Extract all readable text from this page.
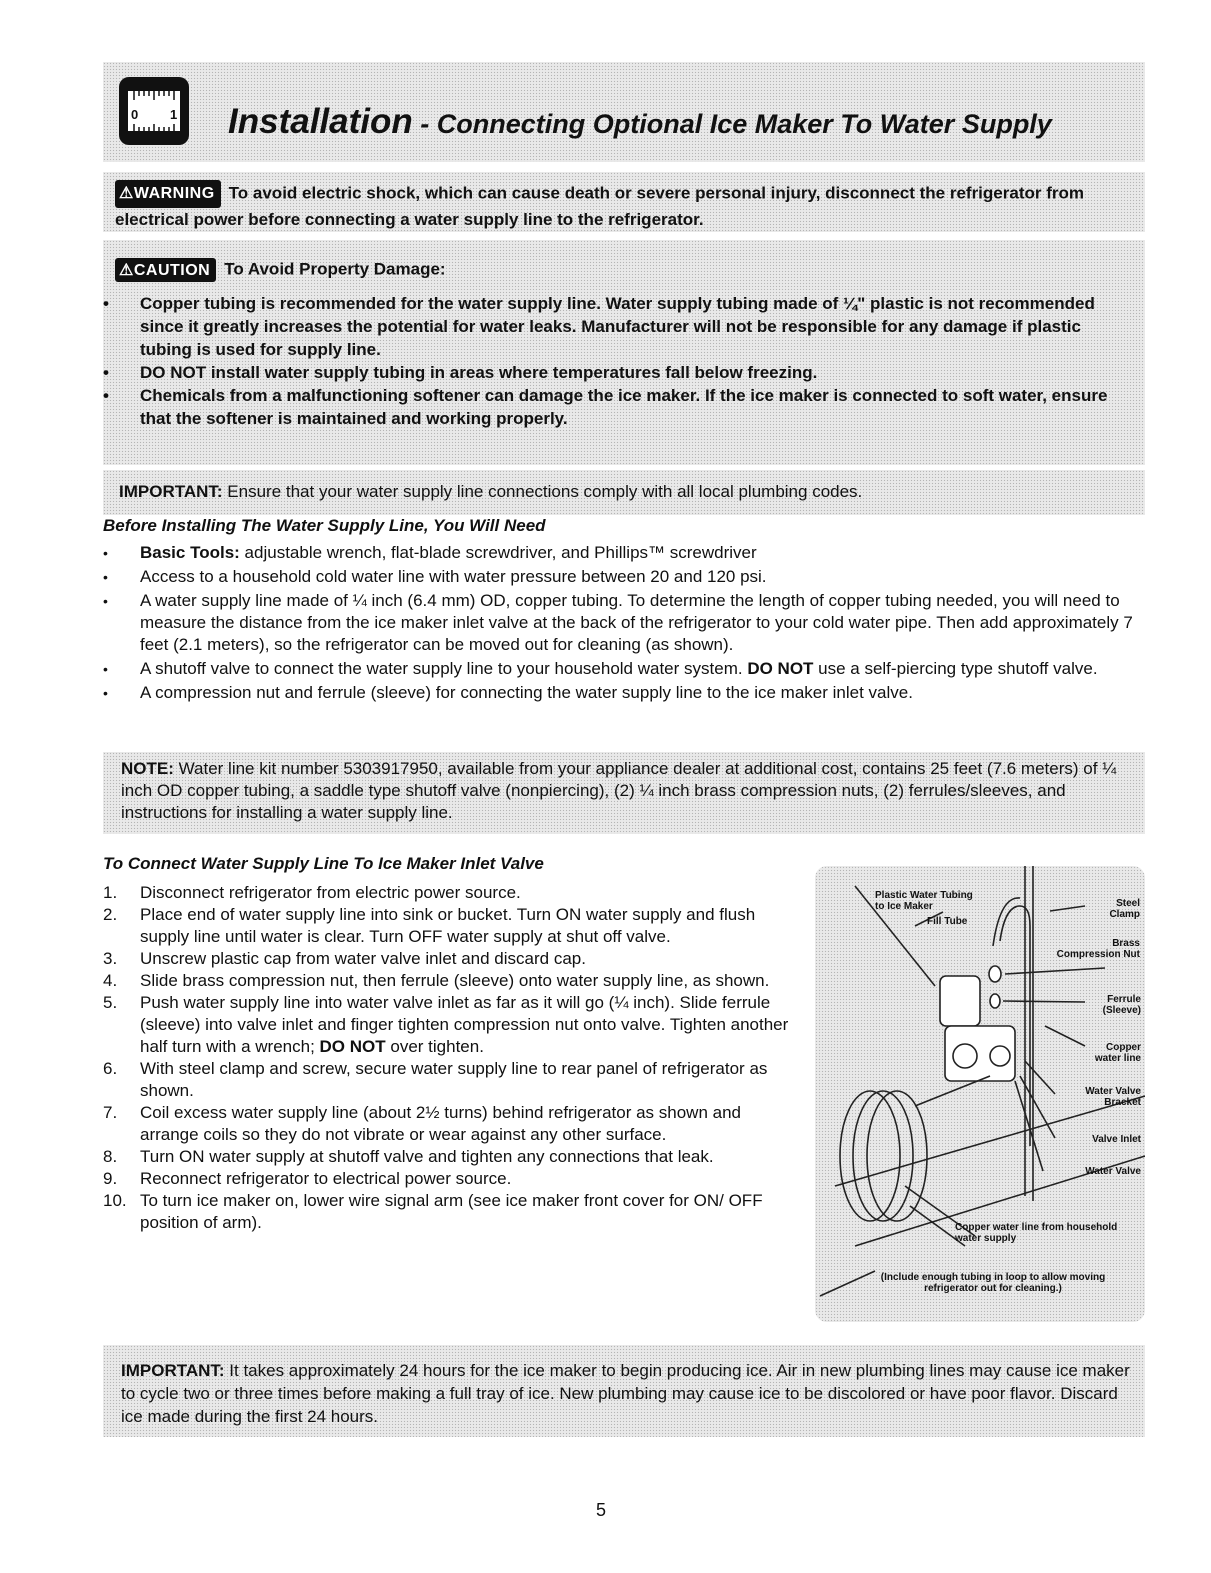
0 1 Installation - Connecting Optional Ice Maker To Water Supply
⚠WARNING To avoid electric shock, which can cause death or severe personal injury, disconnect the refrigerator from electrical power before connecting a water supply line to the refrigerator.
⚠CAUTION To Avoid Property Damage:
• Copper tubing is recommended for the water supply line. Water supply tubing made of ¼" plastic is not recommended since it greatly increases the potential for water leaks. Manufacturer will not be responsible for any damage if plastic tubing is used for supply line.
• DO NOT install water supply tubing in areas where temperatures fall below freezing.
• Chemicals from a malfunctioning softener can damage the ice maker. If the ice maker is connected to soft water, ensure that the softener is maintained and working properly.
IMPORTANT: Ensure that your water supply line connections comply with all local plumbing codes.
Before Installing The Water Supply Line, You Will Need
• Basic Tools: adjustable wrench, flat-blade screwdriver, and Phillips™ screwdriver
• Access to a household cold water line with water pressure between 20 and 120 psi.
• A water supply line made of ¼ inch (6.4 mm) OD, copper tubing. To determine the length of copper tubing needed, you will need to measure the distance from the ice maker inlet valve at the back of the refrigerator to your cold water pipe. Then add approximately 7 feet (2.1 meters), so the refrigerator can be moved out for cleaning (as shown).
• A shutoff valve to connect the water supply line to your household water system. DO NOT use a self-piercing type shutoff valve.
• A compression nut and ferrule (sleeve) for connecting the water supply line to the ice maker inlet valve.
NOTE: Water line kit number 5303917950, available from your appliance dealer at additional cost, contains 25 feet (7.6 meters) of ¼ inch OD copper tubing, a saddle type shutoff valve (nonpiercing), (2) ¼ inch brass compression nuts, (2) ferrules/sleeves, and instructions for installing a water supply line.
To Connect Water Supply Line To Ice Maker Inlet Valve
1. Disconnect refrigerator from electric power source.
2. Place end of water supply line into sink or bucket. Turn ON water supply and flush supply line until water is clear. Turn OFF water supply at shut off valve.
3. Unscrew plastic cap from water valve inlet and discard cap.
4. Slide brass compression nut, then ferrule (sleeve) onto water supply line, as shown.
5. Push water supply line into water valve inlet as far as it will go (¼ inch). Slide ferrule (sleeve) into valve inlet and finger tighten compression nut onto valve. Tighten another half turn with a wrench; DO NOT over tighten.
6. With steel clamp and screw, secure water supply line to rear panel of refrigerator as shown.
7. Coil excess water supply line (about 2½ turns) behind refrigerator as shown and arrange coils so they do not vibrate or wear against any other surface.
8. Turn ON water supply at shutoff valve and tighten any connections that leak.
9. Reconnect refrigerator to electrical power source.
10. To turn ice maker on, lower wire signal arm (see ice maker front cover for ON/ OFF position of arm).
Plastic Water Tubing to Ice Maker
Fill Tube
Steel Clamp
Brass Compression Nut
Ferrule (Sleeve)
Copper water line
Water Valve Bracket
Valve Inlet
Water Valve
Copper water line from household water supply
(Include enough tubing in loop to allow moving refrigerator out for cleaning.)
IMPORTANT: It takes approximately 24 hours for the ice maker to begin producing ice. Air in new plumbing lines may cause ice maker to cycle two or three times before making a full tray of ice. New plumbing may cause ice to be discolored or have poor flavor. Discard ice made during the first 24 hours.
5
